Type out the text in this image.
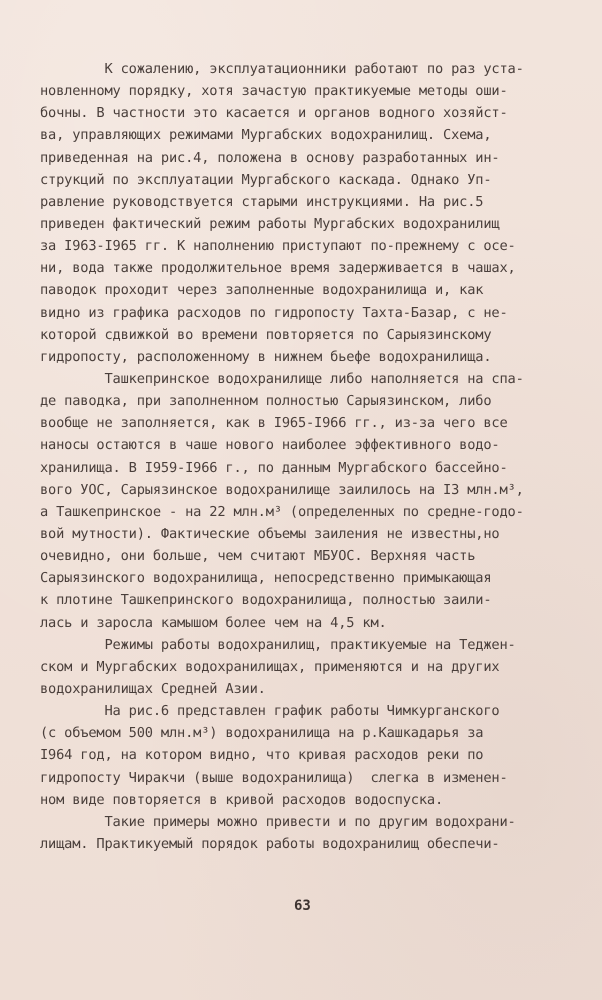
К сожалению, эксплуатационники работают по раз уста-
новленному порядку, хотя зачастую практикуемые методы оши-
бочны. В частности это касается и органов водного хозяйст-
ва, управляющих режимами Мургабских водохранилищ. Схема,
приведенная на рис.4, положена в основу разработанных ин-
струкций по эксплуатации Мургабского каскада. Однако Уп-
равление руководствуется старыми инструкциями. На рис.5
приведен фактический режим работы Мургабских водохранилищ
за I963-I965 гг. К наполнению приступают по-прежнему с осе-
ни, вода также продолжительное время задерживается в чашах,
паводок проходит через заполненные водохранилища и, как
видно из графика расходов по гидропосту Тахта-Базар, с не-
которой сдвижкой во времени повторяется по Сарыязинскому
гидропосту, расположенному в нижнем бьефе водохранилища.
Ташкепринское водохранилище либо наполняется на спа-
де паводка, при заполненном полностью Сарыязинском, либо
вообще не заполняется, как в I965-I966 гг., из-за чего все
наносы остаются в чаше нового наиболее эффективного водо-
хранилища. В I959-I966 г., по данным Мургабского бассейно-
вого УОС, Сарыязинское водохранилище заилилось на I3 млн.м³,
а Ташкепринское - на 22 млн.м³ (определенных по средне-годо-
вой мутности). Фактические объемы заиления не известны,но
очевидно, они больше, чем считают МБУОС. Верхняя часть
Сарыязинского водохранилища, непосредственно примыкающая
к плотине Ташкепринского водохранилища, полностью заили-
лась и заросла камышом более чем на 4,5 км.
Режимы работы водохранилищ, практикуемые на Теджен-
ском и Мургабских водохранилищах, применяются и на других
водохранилищах Средней Азии.
На рис.6 представлен график работы Чимкурганского
(с объемом 500 млн.м³) водохранилища на р.Кашкадарья за
I964 год, на котором видно, что кривая расходов реки по
гидропосту Чиракчи (выше водохранилища)  слегка в изменен-
ном виде повторяется в кривой расходов водоспуска.
Такие примеры можно привести и по другим водохрани-
лищам. Практикуемый порядок работы водохранилищ обеспечи-
63
